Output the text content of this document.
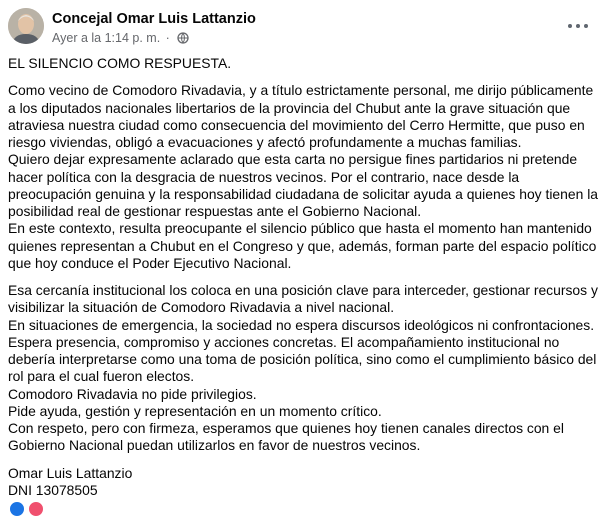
Concejal Omar Luis Lattanzio
Ayer a la 1:14 p. m. ·

EL SILENCIO COMO RESPUESTA.

Como vecino de Comodoro Rivadavia, y a título estrictamente personal, me dirijo públicamente a los diputados nacionales libertarios de la provincia del Chubut ante la grave situación que atraviesa nuestra ciudad como consecuencia del movimiento del Cerro Hermitte, que puso en riesgo viviendas, obligó a evacuaciones y afectó profundamente a muchas familias.
Quiero dejar expresamente aclarado que esta carta no persigue fines partidarios ni pretende hacer política con la desgracia de nuestros vecinos. Por el contrario, nace desde la preocupación genuina y la responsabilidad ciudadana de solicitar ayuda a quienes hoy tienen la posibilidad real de gestionar respuestas ante el Gobierno Nacional.
En este contexto, resulta preocupante el silencio público que hasta el momento han mantenido quienes representan a Chubut en el Congreso y que, además, forman parte del espacio político que hoy conduce el Poder Ejecutivo Nacional.

Esa cercanía institucional los coloca en una posición clave para interceder, gestionar recursos y visibilizar la situación de Comodoro Rivadavia a nivel nacional.
En situaciones de emergencia, la sociedad no espera discursos ideológicos ni confrontaciones.
Espera presencia, compromiso y acciones concretas. El acompañamiento institucional no debería interpretarse como una toma de posición política, sino como el cumplimiento básico del rol para el cual fueron electos.
Comodoro Rivadavia no pide privilegios.
Pide ayuda, gestión y representación en un momento crítico.
Con respeto, pero con firmeza, esperamos que quienes hoy tienen canales directos con el Gobierno Nacional puedan utilizarlos en favor de nuestros vecinos.

Omar Luis Lattanzio
DNI 13078505
